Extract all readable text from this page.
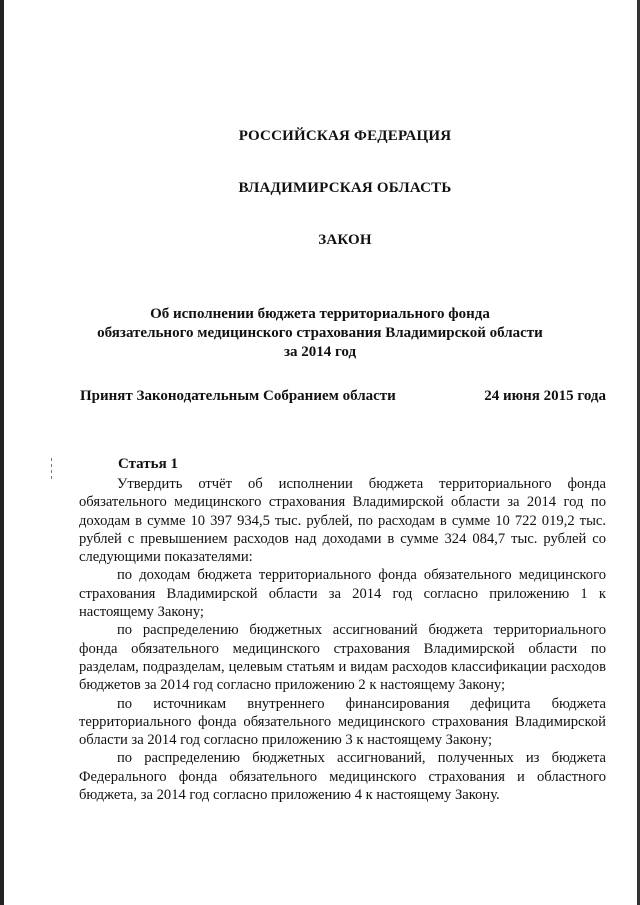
РОССИЙСКАЯ ФЕДЕРАЦИЯ
ВЛАДИМИРСКАЯ ОБЛАСТЬ
ЗАКОН
Об исполнении бюджета территориального фонда
обязательного медицинского страхования Владимирской области
за 2014 год
Принят Законодательным Собранием области	24 июня 2015 года
Статья 1

Утвердить отчёт об исполнении бюджета территориального фонда обязательного медицинского страхования Владимирской области за 2014 год по доходам в сумме 10 397 934,5 тыс. рублей, по расходам в сумме 10 722 019,2 тыс. рублей с превышением расходов над доходами в сумме 324 084,7 тыс. рублей со следующими показателями:

по доходам бюджета территориального фонда обязательного медицинского страхования Владимирской области за 2014 год согласно приложению 1 к настоящему Закону;

по распределению бюджетных ассигнований бюджета территориального фонда обязательного медицинского страхования Владимирской области по разделам, подразделам, целевым статьям и видам расходов классификации расходов бюджетов за 2014 год согласно приложению 2 к настоящему Закону;

по источникам внутреннего финансирования дефицита бюджета территориального фонда обязательного медицинского страхования Владимирской области за 2014 год согласно приложению 3 к настоящему Закону;

по распределению бюджетных ассигнований, полученных из бюджета Федерального фонда обязательного медицинского страхования и областного бюджета, за 2014 год согласно приложению 4 к настоящему Закону.
